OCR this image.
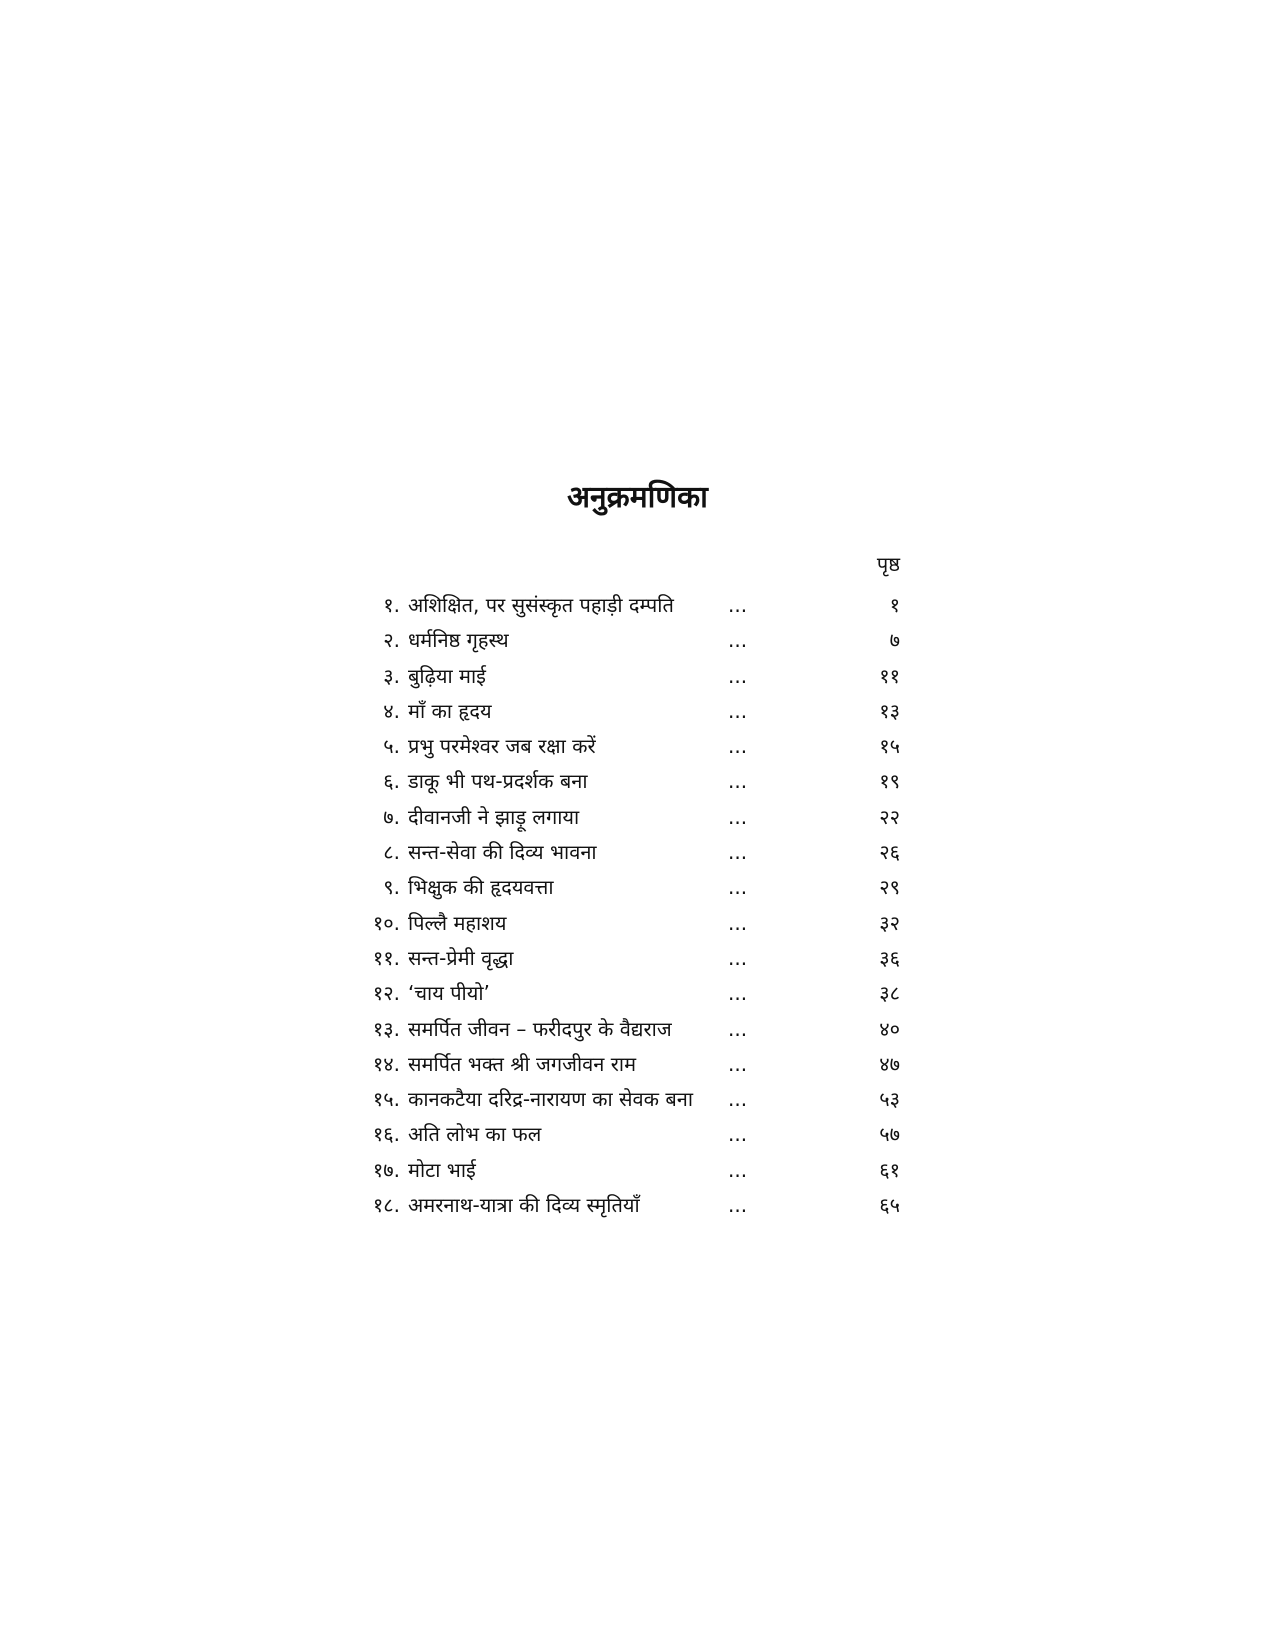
अनुक्रमणिका
पृष्ठ
१. अशिक्षित, पर सुसंस्कृत पहाड़ी दम्पति	...	१
२. धर्मनिष्ठ गृहस्थ	...	७
३. बुढ़िया माई	...	११
४. माँ का हृदय	...	१३
५. प्रभु परमेश्वर जब रक्षा करें	...	१५
६. डाकू भी पथ-प्रदर्शक बना	...	१९
७. दीवानजी ने झाड़ू लगाया	...	२२
८. सन्त-सेवा की दिव्य भावना	...	२६
९. भिक्षुक की हृदयवत्ता	...	२९
१०. पिल्लै महाशय	...	३२
११. सन्त-प्रेमी वृद्धा	...	३६
१२. ‘चाय पीयो’	...	३८
१३. समर्पित जीवन – फरीदपुर के वैद्यराज	...	४०
१४. समर्पित भक्त श्री जगजीवन राम	...	४७
१५. कानकटैया दरिद्र-नारायण का सेवक बना	...	५३
१६. अति लोभ का फल	...	५७
१७. मोटा भाई	...	६१
१८. अमरनाथ-यात्रा की दिव्य स्मृतियाँ	...	६५
